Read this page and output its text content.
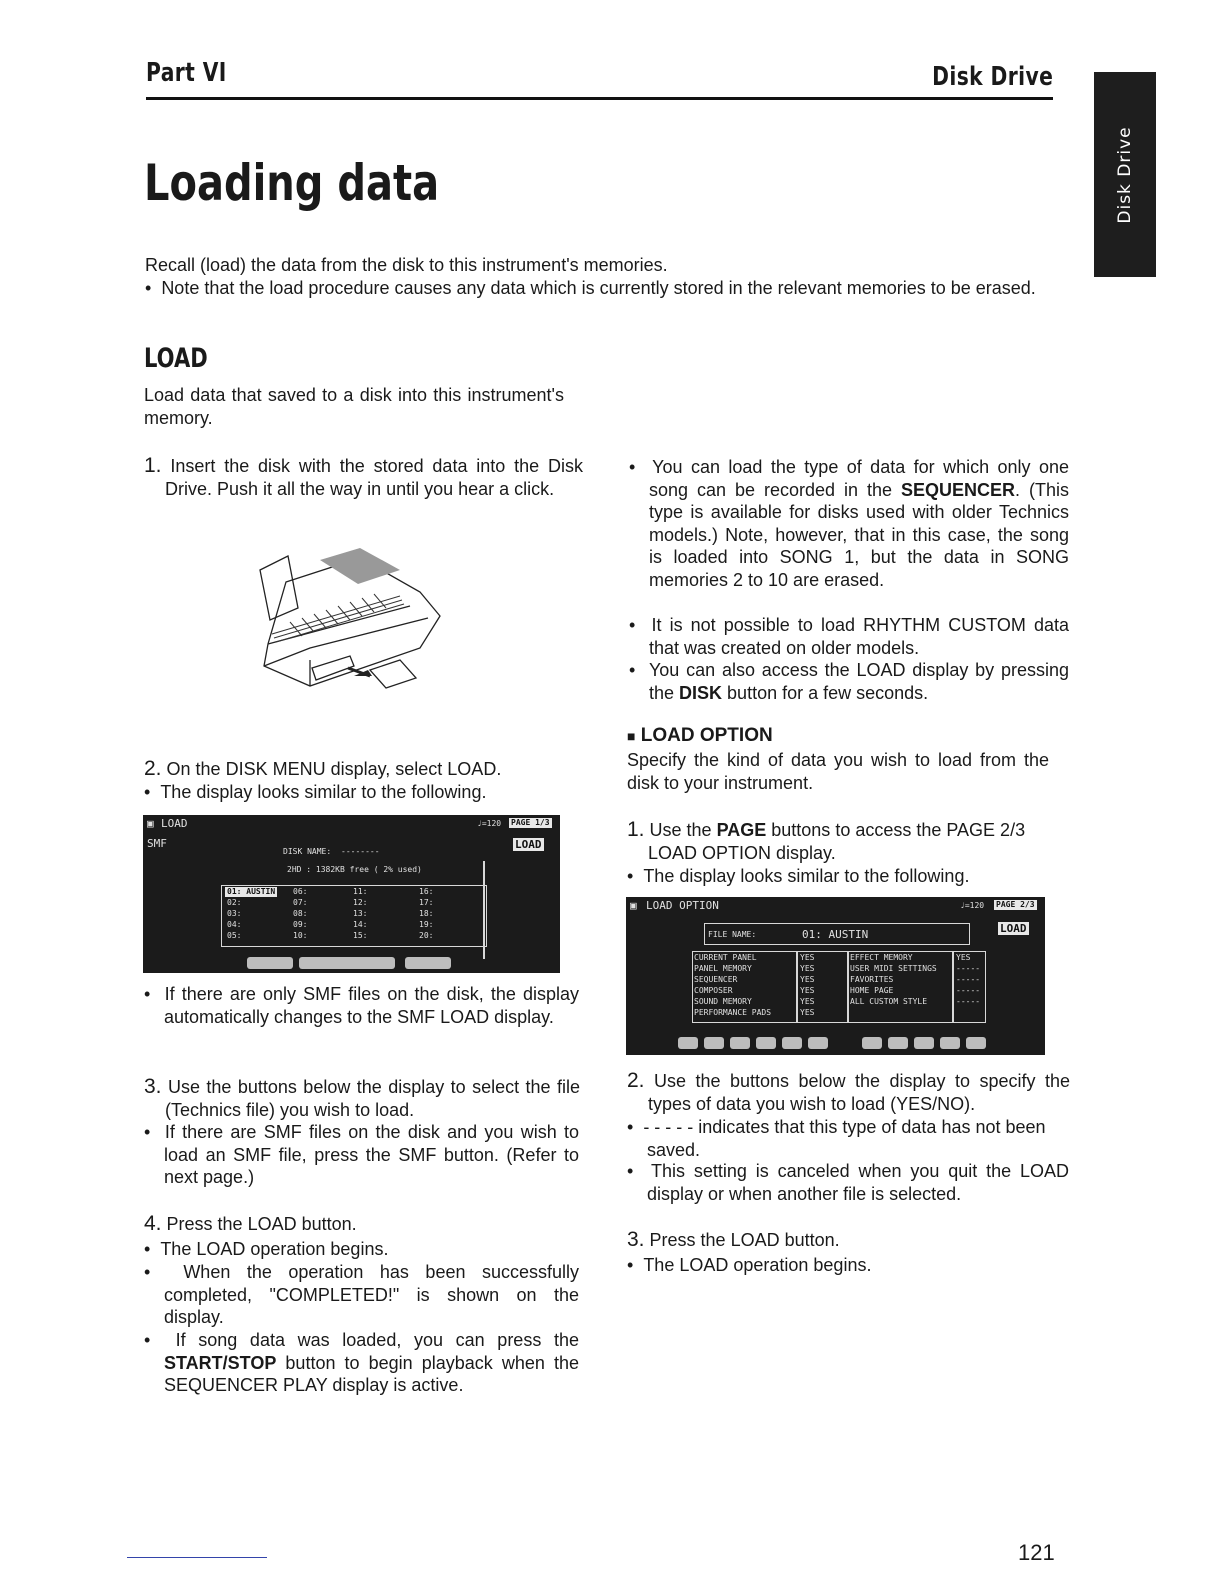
Part VI	Disk Drive
Disk Drive
Loading data
Recall (load) the data from the disk to this instrument's memories.
•  Note that the load procedure causes any data which is currently stored in the relevant memories to be erased.
LOAD
Load data that saved to a disk into this instrument's memory.
1. Insert the disk with the stored data into the Disk Drive. Push it all the way in until you hear a click.
2. On the DISK MENU display, select LOAD.
•  The display looks similar to the following.
▣ LOAD	♩=120 PAGE 1/3
SMF	LOAD
DISK NAME: --------
2HD : 1382KB free ( 2% used)
01: AUSTIN 06:	11:	16:
02:	07:	12:	17:
03:	08:	13:	18:
04:	09:	14:	19:
05:	10:	15:	20:
•  If there are only SMF files on the disk, the display automatically changes to the SMF LOAD display.
3. Use the buttons below the display to select the file (Technics file) you wish to load.
•  If there are SMF files on the disk and you wish to load an SMF file, press the SMF button. (Refer to next page.)
4. Press the LOAD button.
•  The LOAD operation begins.
•  When the operation has been successfully completed, "COMPLETED!" is shown on the display.
•  If song data was loaded, you can press the START/STOP button to begin playback when the SEQUENCER PLAY display is active.
•  You can load the type of data for which only one song can be recorded in the SEQUENCER. (This type is available for disks used with older Technics models.) Note, however, that in this case, the song is loaded into SONG 1, but the data in SONG memories 2 to 10 are erased.
•  It is not possible to load RHYTHM CUSTOM data that was created on older models.
•  You can also access the LOAD display by pressing the DISK button for a few seconds.
■ LOAD OPTION
Specify the kind of data you wish to load from the disk to your instrument.
1. Use the PAGE buttons to access the PAGE 2/3 LOAD OPTION display.
•  The display looks similar to the following.
▣ LOAD OPTION	♩=120 PAGE 2/3
LOAD
FILE NAME:	01: AUSTIN
CURRENT PANEL	YES
PANEL MEMORY	YES
SEQUENCER	YES
COMPOSER	YES
SOUND MEMORY	YES
PERFORMANCE PADS	YES
EFFECT MEMORY	YES
USER MIDI SETTINGS -----
FAVORITES	-----
HOME PAGE	-----
ALL CUSTOM STYLE	-----
2. Use the buttons below the display to specify the types of data you wish to load (YES/NO).
•  - - - - - indicates that this type of data has not been saved.
•  This setting is canceled when you quit the LOAD display or when another file is selected.
3. Press the LOAD button.
•  The LOAD operation begins.
121
